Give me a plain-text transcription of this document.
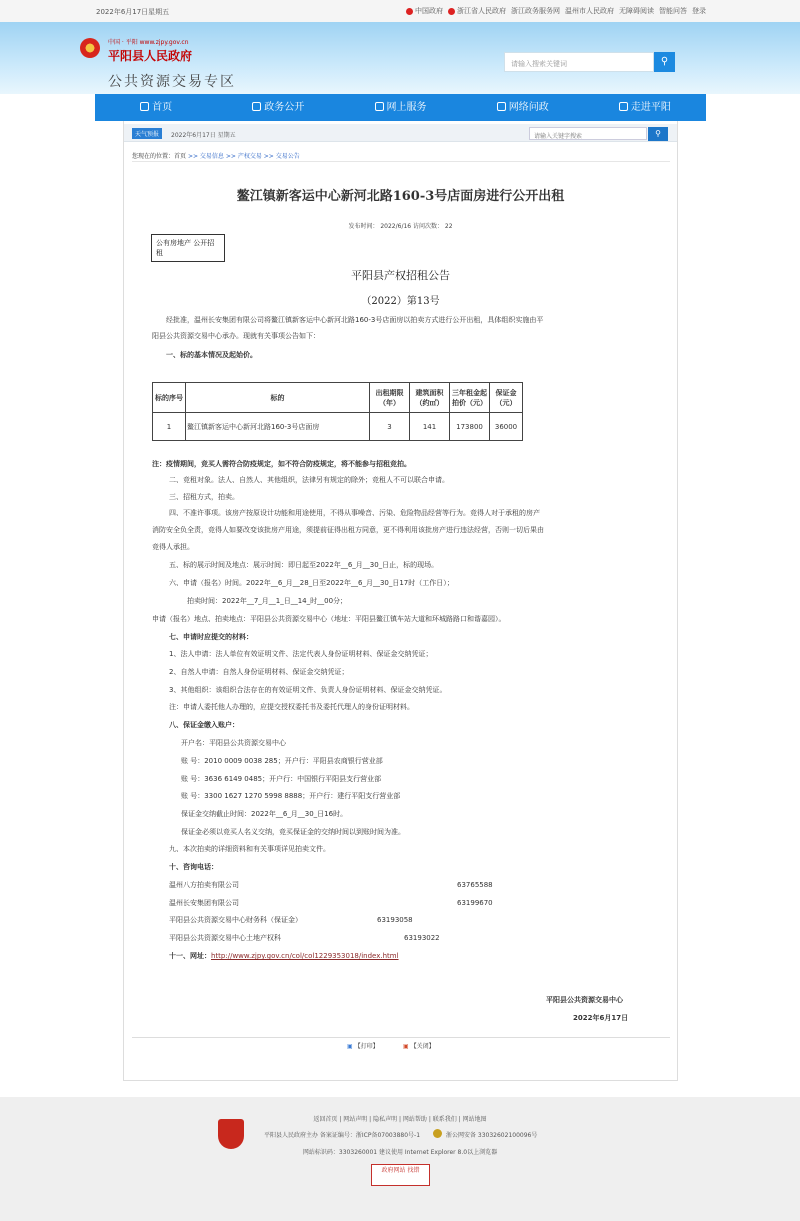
2022年6月17日星期五	中国政府	浙江省人民政府 浙江政务服务网 温州市人民政府 无障碍阅读 智能问答 登录
中国 · 平阳 www.zjpy.gov.cn
平阳县人民政府
公共资源交易专区
请输入搜索关键词	⚲
首页	政务公开	网上服务	网络问政	走进平阳
天气预报	2022年6月17日 星期五	请输入关键字搜索	⚲
您现在的位置：首页 >> 交易信息 >> 产权交易 >> 交易公告
鳌江镇新客运中心新河北路160-3号店面房进行公开出租
发布时间： 2022/6/16 访问次数： 22
公有房地产 公开招租
平阳县产权招租公告
（2022）第13号
经批准，温州长安集团有限公司将鳌江镇新客运中心新河北路160-3号店面房以拍卖方式进行公开出租，具体组织实施由平
阳县公共资源交易中心承办。现就有关事项公告如下：
一、标的基本情况及起始价。
标的序号	标的	出租期限（年）	建筑面积（约㎡）	三年租金起拍价（元）	保证金（元）
1	鳌江镇新客运中心新河北路160-3号店面房	3	141	173800	36000
注：疫情期间，竞买人需符合防疫规定，如不符合防疫规定，将不能参与招租竞拍。
二、竞租对象。法人、自然人、其他组织，法律另有规定的除外；竞租人不可以联合申请。
三、招租方式，拍卖。
四、不准许事项。该房产按原设计功能和用途使用，不得从事噪音、污染、危险物品经营等行为。竞得人对于承租的房产
消防安全负全责，竞得人如要改变该批房产用途，须提前征得出租方同意，更不得利用该批房产进行违法经营，否则一切后果由
竞得人承担。
五、标的展示时间及地点：展示时间：即日起至2022年__6_月__30_日止，标的现场。
六、申请（报名）时间。2022年__6_月__28_日至2022年__6_月__30_日17时（工作日）；
拍卖时间：2022年__7_月__1_日__14_时__00分；
申请（报名）地点、拍卖地点：平阳县公共资源交易中心（地址：平阳县鳌江镇车站大道和环城路路口和谐嘉园）。
七、申请时应提交的材料：
1、法人申请：法人单位有效证明文件、法定代表人身份证明材料、保证金交纳凭证；
2、自然人申请：自然人身份证明材料、保证金交纳凭证；
3、其他组织：该组织合法存在的有效证明文件、负责人身份证明材料、保证金交纳凭证。
注：申请人委托他人办理的，应提交授权委托书及委托代理人的身份证明材料。
八、保证金缴入账户：
开户名：平阳县公共资源交易中心
账 号：2010 0009 0038 285；开户行：平阳县农商银行营业部
账 号：3636 6149 0485；开户行：中国银行平阳县支行营业部
账 号：3300 1627 1270 5998 8888；开户行：建行平阳支行营业部
保证金交纳截止时间：2022年__6_月__30_日16时。
保证金必须以竞买人名义交纳，竞买保证金的交纳时间以到账时间为准。
九、本次拍卖的详细资料和有关事项详见拍卖文件。
十、咨询电话：
温州八方拍卖有限公司	63765588
温州长安集团有限公司	63199670
平阳县公共资源交易中心财务科（保证金）	63193058
平阳县公共资源交易中心土地产权科	63193022
十一、网址：http://www.zjpy.gov.cn/col/col1229353018/index.html
平阳县公共资源交易中心
2022年6月17日
▣ 【打印】	▣ 【关闭】
返回首页 | 网站声明 | 隐私声明 | 网站帮助 | 联系我们 | 网站地图
平阳县人民政府主办 备案证编号：浙ICP备07003880号-1	浙公网安备 33032602100096号
网站标识码：3303260001 建议使用 Internet Explorer 8.0以上浏览器
政府网站 找错
